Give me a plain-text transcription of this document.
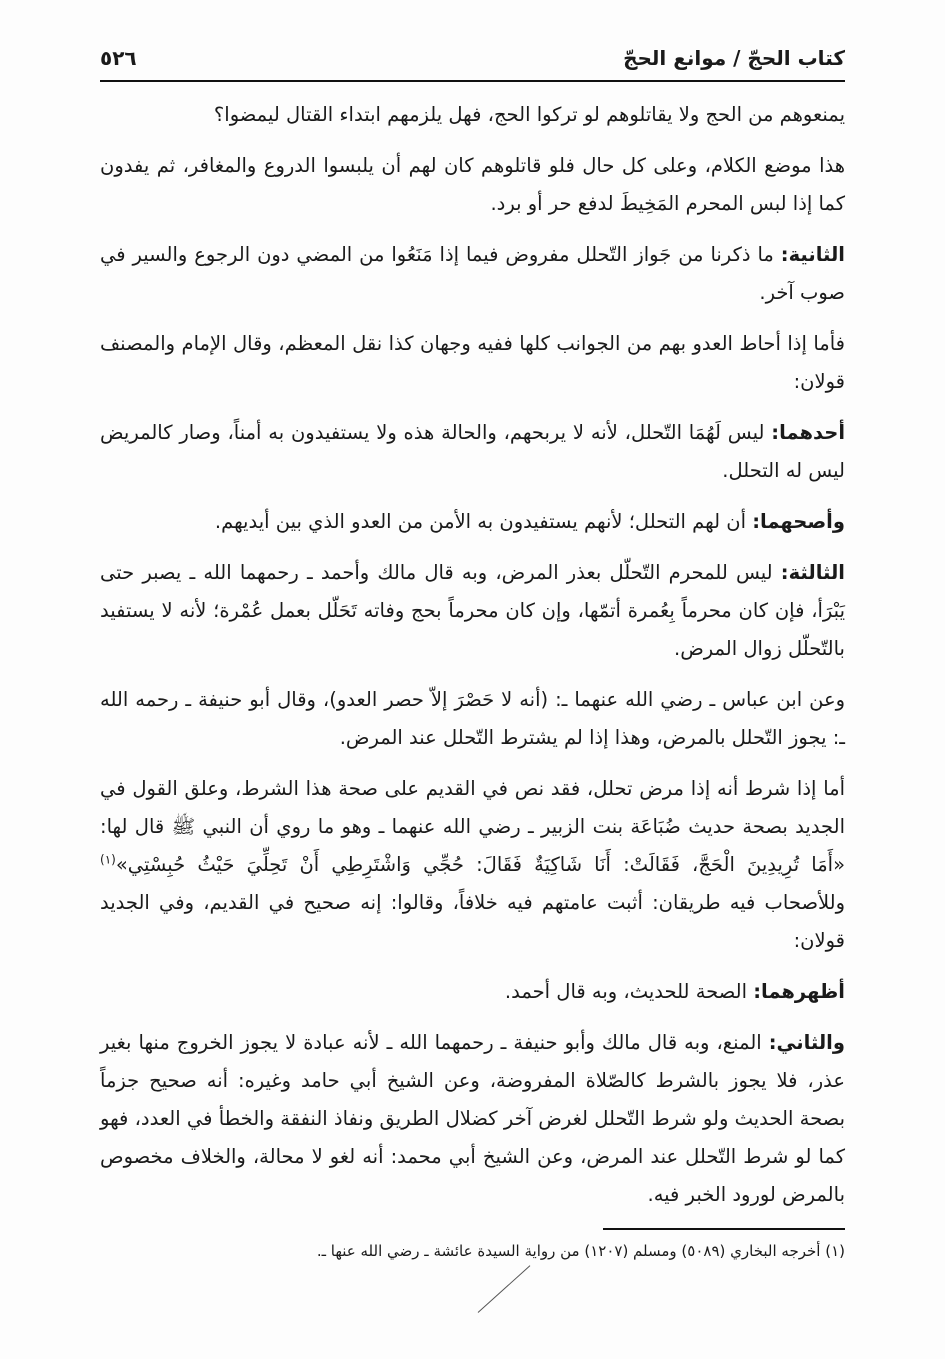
كتاب الحجّ / موانع الحجّ
٥٢٦

يمنعوهم من الحج ولا يقاتلوهم لو تركوا الحج، فهل يلزمهم ابتداء القتال ليمضوا؟

هذا موضع الكلام، وعلى كل حال فلو قاتلوهم كان لهم أن يلبسوا الدروع والمغافر، ثم يفدون كما إذا لبس المحرم المَخِيطَ لدفع حر أو برد.

الثانية: ما ذكرنا من جَواز التّحلل مفروض فيما إذا مَنَعُوا من المضي دون الرجوع والسير في صوب آخر.

فأما إذا أحاط العدو بهم من الجوانب كلها ففيه وجهان كذا نقل المعظم، وقال الإمام والمصنف قولان:

أحدهما: ليس لَهُمَا التّحلل، لأنه لا يربحهم، والحالة هذه ولا يستفيدون به أمناً، وصار كالمريض ليس له التحلل.

وأصحهما: أن لهم التحلل؛ لأنهم يستفيدون به الأمن من العدو الذي بين أيديهم.

الثالثة: ليس للمحرم التّحلّل بعذر المرض، وبه قال مالك وأحمد ـ رحمهما الله ـ يصبر حتى يَبْرَأ، فإن كان محرماً بِعُمرة أتمّها، وإن كان محرماً بحج وفاته تَحَلّل بعمل عُمْرة؛ لأنه لا يستفيد بالتّحلّل زوال المرض.

وعن ابن عباس ـ رضي الله عنهما ـ: (أنه لا حَصْرَ إلاّ حصر العدو)، وقال أبو حنيفة ـ رحمه الله ـ: يجوز التّحلل بالمرض، وهذا إذا لم يشترط التّحلل عند المرض.

أما إذا شرط أنه إذا مرض تحلل، فقد نص في القديم على صحة هذا الشرط، وعلق القول في الجديد بصحة حديث ضُبَاعَة بنت الزبير ـ رضي الله عنهما ـ وهو ما روي أن النبي ﷺ قال لها: «أَمَا تُرِيدِينَ الْحَجَّ، فَقَالَتْ: أَنَا شَاكِيَةٌ فَقَالَ: حُجِّي وَاشْتَرِطِي أَنْ تَحِلِّيَ حَيْثُ حُبِسْتِي»$^{(١)}$ وللأصحاب فيه طريقان: أثبت عامتهم فيه خلافاً، وقالوا: إنه صحيح في القديم، وفي الجديد قولان:

أظهرهما: الصحة للحديث، وبه قال أحمد.

والثاني: المنع، وبه قال مالك وأبو حنيفة ـ رحمهما الله ـ لأنه عبادة لا يجوز الخروج منها بغير عذر، فلا يجوز بالشرط كالصّلاة المفروضة، وعن الشيخ أبي حامد وغيره: أنه صحيح جزماً بصحة الحديث ولو شرط التّحلل لغرض آخر كضلال الطريق ونفاذ النفقة والخطأ في العدد، فهو كما لو شرط التّحلل عند المرض، وعن الشيخ أبي محمد: أنه لغو لا محالة، والخلاف مخصوص بالمرض لورود الخبر فيه.

(١) أخرجه البخاري (٥٠٨٩) ومسلم (١٢٠٧) من رواية السيدة عائشة ـ رضي الله عنها ـ.
